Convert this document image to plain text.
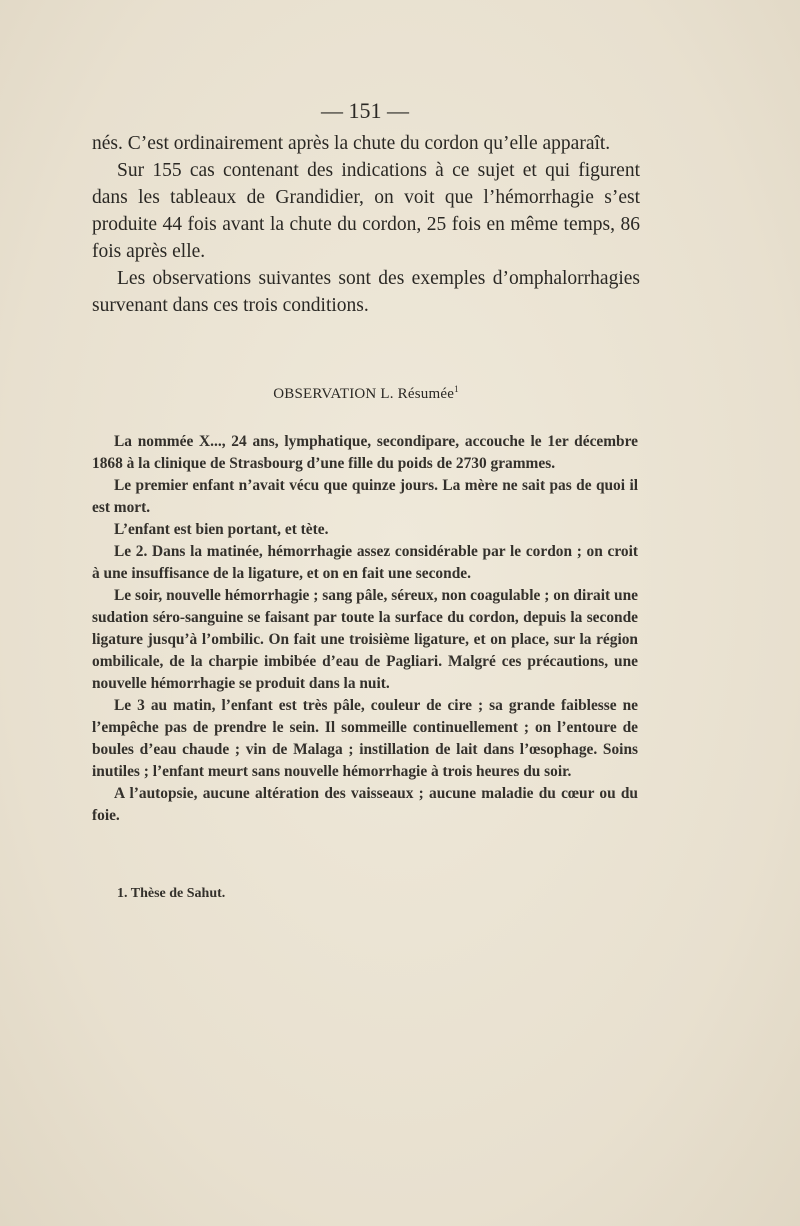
— 151 —

nés. C’est ordinairement après la chute du cordon qu’elle apparaît.

Sur 155 cas contenant des indications à ce sujet et qui figurent dans les tableaux de Grandidier, on voit que l’hémorrhagie s’est produite 44 fois avant la chute du cordon, 25 fois en même temps, 86 fois après elle.

Les observations suivantes sont des exemples d’omphalorrhagies survenant dans ces trois conditions.

OBSERVATION L. Résumée$^1$

La nommée X..., 24 ans, lymphatique, secondipare, accouche le 1er décembre 1868 à la clinique de Strasbourg d’une fille du poids de 2730 grammes.

Le premier enfant n’avait vécu que quinze jours. La mère ne sait pas de quoi il est mort.

L’enfant est bien portant, et tète.

Le 2. Dans la matinée, hémorrhagie assez considérable par le cordon ; on croit à une insuffisance de la ligature, et on en fait une seconde.

Le soir, nouvelle hémorrhagie ; sang pâle, séreux, non coagulable ; on dirait une sudation séro-sanguine se faisant par toute la surface du cordon, depuis la seconde ligature jusqu’à l’ombilic. On fait une troisième ligature, et on place, sur la région ombilicale, de la charpie imbibée d’eau de Pagliari. Malgré ces précautions, une nouvelle hémorrhagie se produit dans la nuit.

Le 3 au matin, l’enfant est très pâle, couleur de cire ; sa grande faiblesse ne l’empêche pas de prendre le sein. Il sommeille continuellement ; on l’entoure de boules d’eau chaude ; vin de Malaga ; instillation de lait dans l’œsophage. Soins inutiles ; l’enfant meurt sans nouvelle hémorrhagie à trois heures du soir.

A l’autopsie, aucune altération des vaisseaux ; aucune maladie du cœur ou du foie.

1. Thèse de Sahut.
